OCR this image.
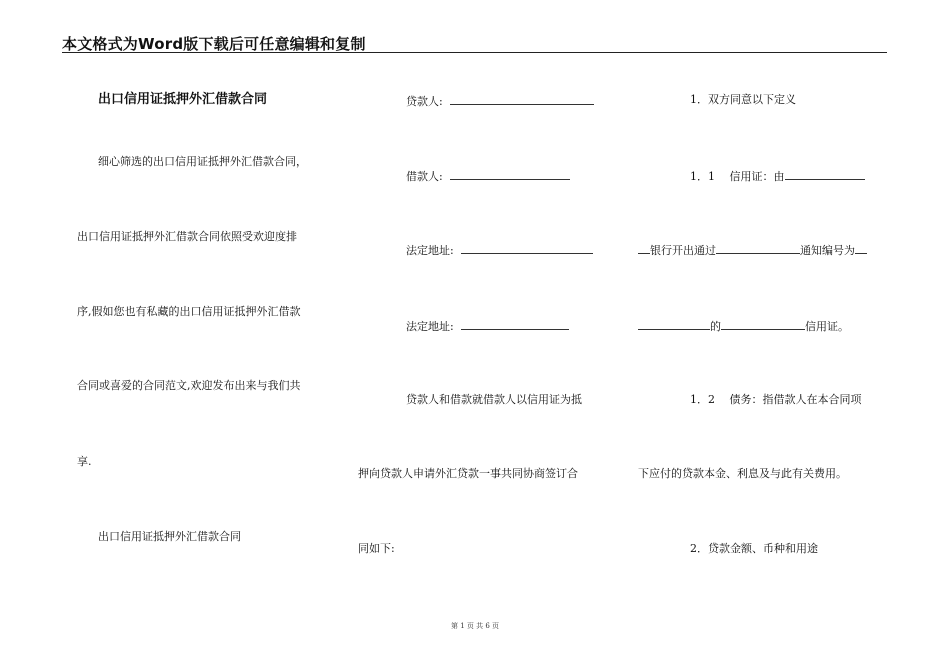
本文格式为Word版下载后可任意编辑和复制
出口信用证抵押外汇借款合同
细心筛选的出口信用证抵押外汇借款合同，
出口信用证抵押外汇借款合同依照受欢迎度排
序,假如您也有私藏的出口信用证抵押外汇借款
合同或喜爱的合同范文,欢迎发布出来与我们共
享.
出口信用证抵押外汇借款合同
贷款人:
借款人:
法定地址:
法定地址:
贷款人和借款就借款人以信用证为抵
押向贷款人申请外汇贷款一事共同协商签订合
同如下:
1．双方同意以下定义
1．1　 信用证：由
银行开出通过	通知编号为
的	信用证。
1．2　 债务：指借款人在本合同项
下应付的贷款本金、利息及与此有关费用。
2．贷款金额、币种和用途
第 1 页 共 6 页
